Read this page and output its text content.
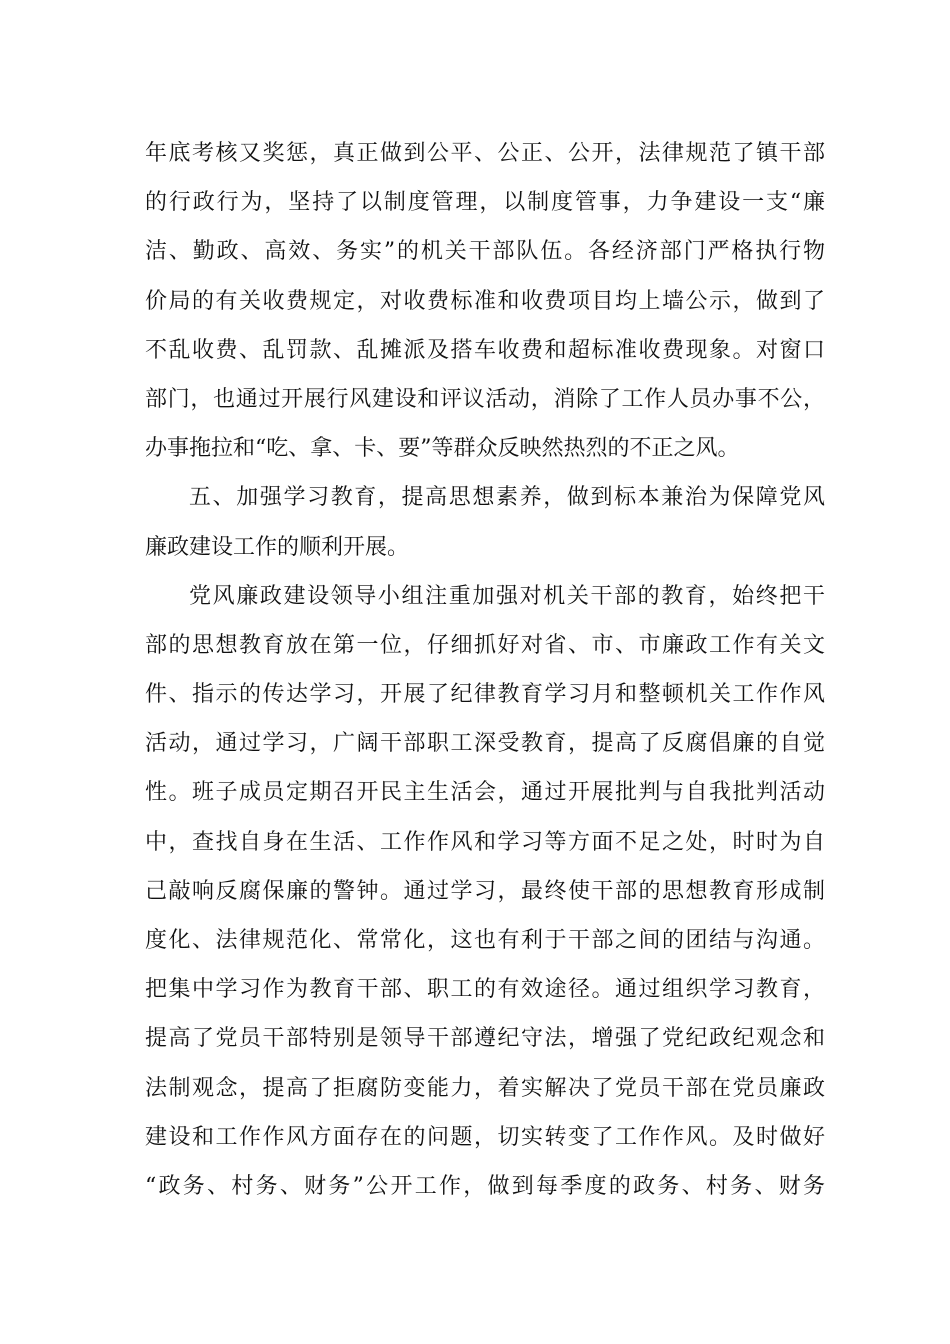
年底考核又奖惩，真正做到公平、公正、公开，法律规范了镇干部
的行政行为，坚持了以制度管理，以制度管事，力争建设一支“廉
洁、勤政、高效、务实”的机关干部队伍。各经济部门严格执行物
价局的有关收费规定，对收费标准和收费项目均上墙公示，做到了
不乱收费、乱罚款、乱摊派及搭车收费和超标准收费现象。对窗口
部门，也通过开展行风建设和评议活动，消除了工作人员办事不公，
办事拖拉和“吃、拿、卡、要”等群众反映然热烈的不正之风。
五、加强学习教育，提高思想素养，做到标本兼治为保障党风
廉政建设工作的顺利开展。
党风廉政建设领导小组注重加强对机关干部的教育，始终把干
部的思想教育放在第一位，仔细抓好对省、市、市廉政工作有关文
件、指示的传达学习，开展了纪律教育学习月和整顿机关工作作风
活动，通过学习，广阔干部职工深受教育，提高了反腐倡廉的自觉
性。班子成员定期召开民主生活会，通过开展批判与自我批判活动
中，查找自身在生活、工作作风和学习等方面不足之处，时时为自
己敲响反腐保廉的警钟。通过学习，最终使干部的思想教育形成制
度化、法律规范化、常常化，这也有利于干部之间的团结与沟通。
把集中学习作为教育干部、职工的有效途径。通过组织学习教育，
提高了党员干部特别是领导干部遵纪守法，增强了党纪政纪观念和
法制观念，提高了拒腐防变能力，着实解决了党员干部在党员廉政
建设和工作作风方面存在的问题，切实转变了工作作风。及时做好
“政务、村务、财务”公开工作，做到每季度的政务、村务、财务
